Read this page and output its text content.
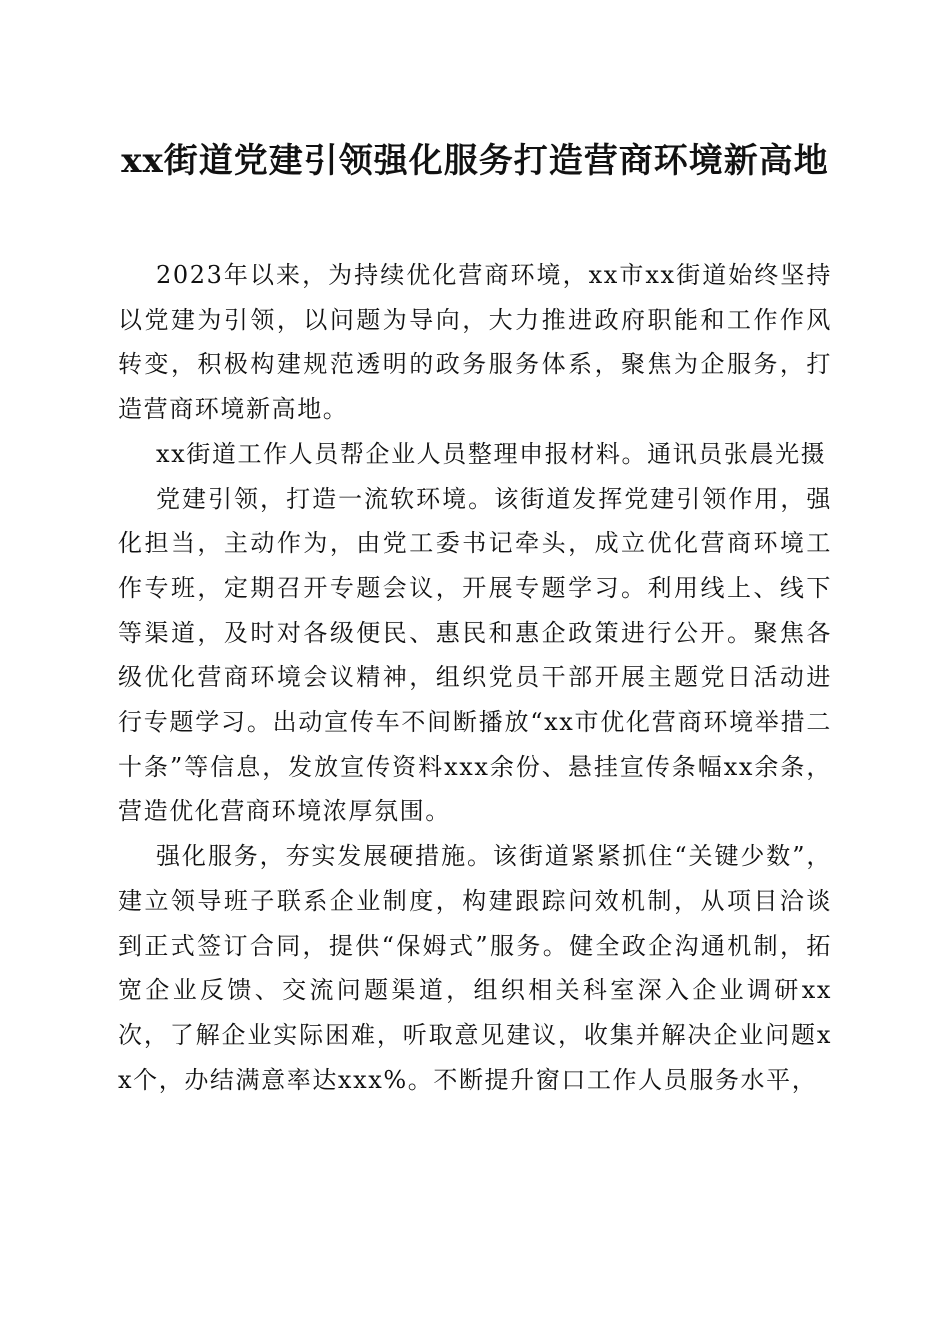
xx街道党建引领强化服务打造营商环境新高地

2023年以来，为持续优化营商环境，xx市xx街道始终坚持以党建为引领，以问题为导向，大力推进政府职能和工作作风转变，积极构建规范透明的政务服务体系，聚焦为企服务，打造营商环境新高地。

xx街道工作人员帮企业人员整理申报材料。通讯员张晨光摄

党建引领，打造一流软环境。该街道发挥党建引领作用，强化担当，主动作为，由党工委书记牵头，成立优化营商环境工作专班，定期召开专题会议，开展专题学习。利用线上、线下等渠道，及时对各级便民、惠民和惠企政策进行公开。聚焦各级优化营商环境会议精神，组织党员干部开展主题党日活动进行专题学习。出动宣传车不间断播放“xx市优化营商环境举措二十条”等信息，发放宣传资料xxx余份、悬挂宣传条幅xx余条，营造优化营商环境浓厚氛围。

强化服务，夯实发展硬措施。该街道紧紧抓住“关键少数”，建立领导班子联系企业制度，构建跟踪问效机制，从项目洽谈到正式签订合同，提供“保姆式”服务。健全政企沟通机制，拓宽企业反馈、交流问题渠道，组织相关科室深入企业调研xx次，了解企业实际困难，听取意见建议，收集并解决企业问题xx个，办结满意率达xxx%。不断提升窗口工作人员服务水平，
